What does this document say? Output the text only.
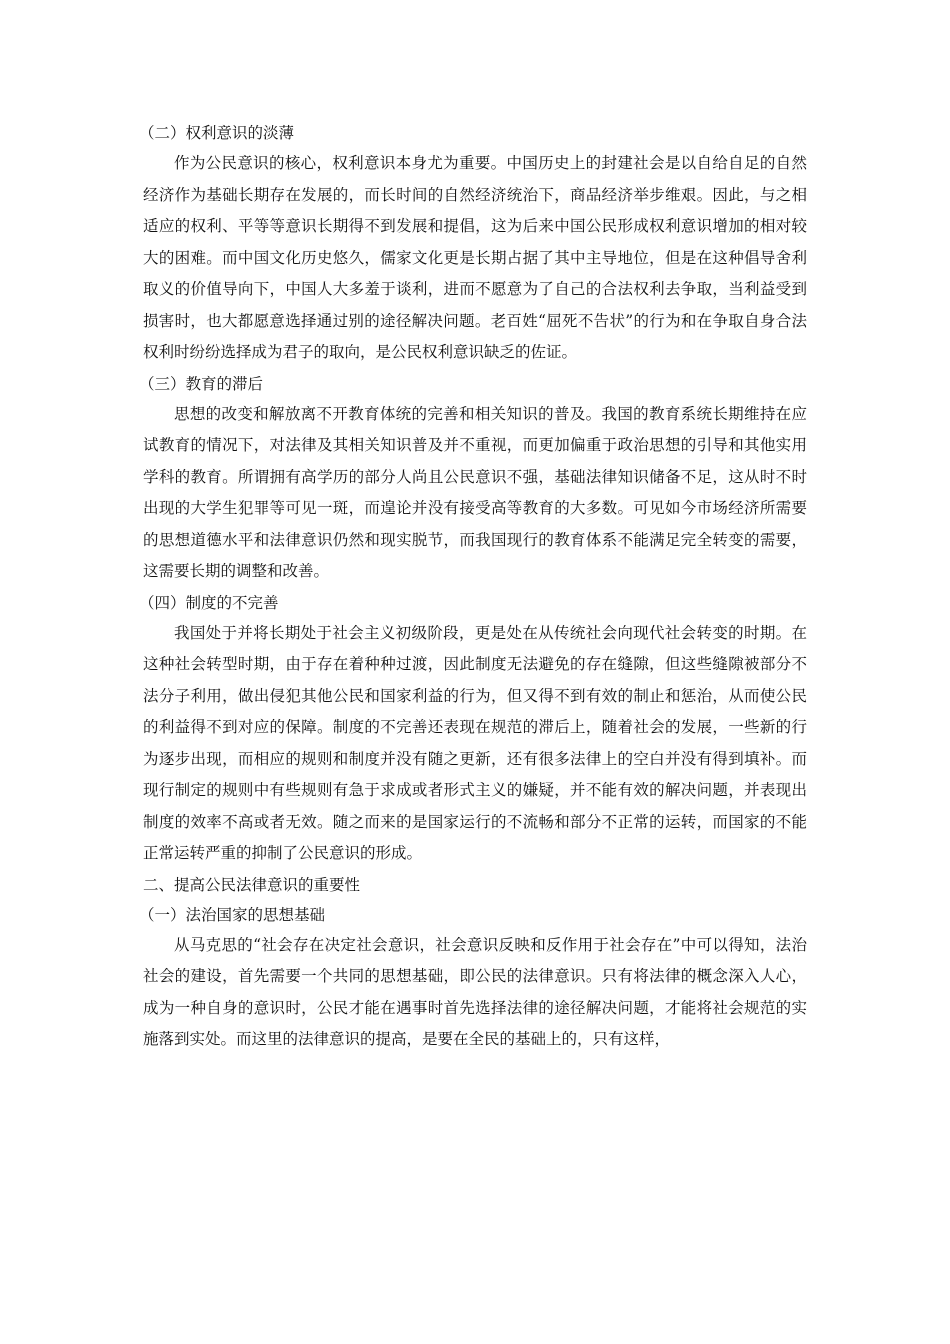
（二）权利意识的淡薄

作为公民意识的核心，权利意识本身尤为重要。中国历史上的封建社会是以自给自足的自然经济作为基础长期存在发展的，而长时间的自然经济统治下，商品经济举步维艰。因此，与之相适应的权利、平等等意识长期得不到发展和提倡，这为后来中国公民形成权利意识增加的相对较大的困难。而中国文化历史悠久，儒家文化更是长期占据了其中主导地位，但是在这种倡导舍利取义的价值导向下，中国人大多羞于谈利，进而不愿意为了自己的合法权利去争取，当利益受到损害时，也大都愿意选择通过别的途径解决问题。老百姓“屈死不告状”的行为和在争取自身合法权利时纷纷选择成为君子的取向，是公民权利意识缺乏的佐证。

（三）教育的滞后

思想的改变和解放离不开教育体统的完善和相关知识的普及。我国的教育系统长期维持在应试教育的情况下，对法律及其相关知识普及并不重视，而更加偏重于政治思想的引导和其他实用学科的教育。所谓拥有高学历的部分人尚且公民意识不强，基础法律知识储备不足，这从时不时出现的大学生犯罪等可见一斑，而遑论并没有接受高等教育的大多数。可见如今市场经济所需要的思想道德水平和法律意识仍然和现实脱节，而我国现行的教育体系不能满足完全转变的需要，这需要长期的调整和改善。

（四）制度的不完善

我国处于并将长期处于社会主义初级阶段，更是处在从传统社会向现代社会转变的时期。在这种社会转型时期，由于存在着种种过渡，因此制度无法避免的存在缝隙，但这些缝隙被部分不法分子利用，做出侵犯其他公民和国家利益的行为，但又得不到有效的制止和惩治，从而使公民的利益得不到对应的保障。制度的不完善还表现在规范的滞后上，随着社会的发展，一些新的行为逐步出现，而相应的规则和制度并没有随之更新，还有很多法律上的空白并没有得到填补。而现行制定的规则中有些规则有急于求成或者形式主义的嫌疑，并不能有效的解决问题，并表现出制度的效率不高或者无效。随之而来的是国家运行的不流畅和部分不正常的运转，而国家的不能正常运转严重的抑制了公民意识的形成。

二、提高公民法律意识的重要性

（一）法治国家的思想基础

从马克思的“社会存在决定社会意识，社会意识反映和反作用于社会存在”中可以得知，法治社会的建设，首先需要一个共同的思想基础，即公民的法律意识。只有将法律的概念深入人心，成为一种自身的意识时，公民才能在遇事时首先选择法律的途径解决问题，才能将社会规范的实施落到实处。而这里的法律意识的提高，是要在全民的基础上的，只有这样，
